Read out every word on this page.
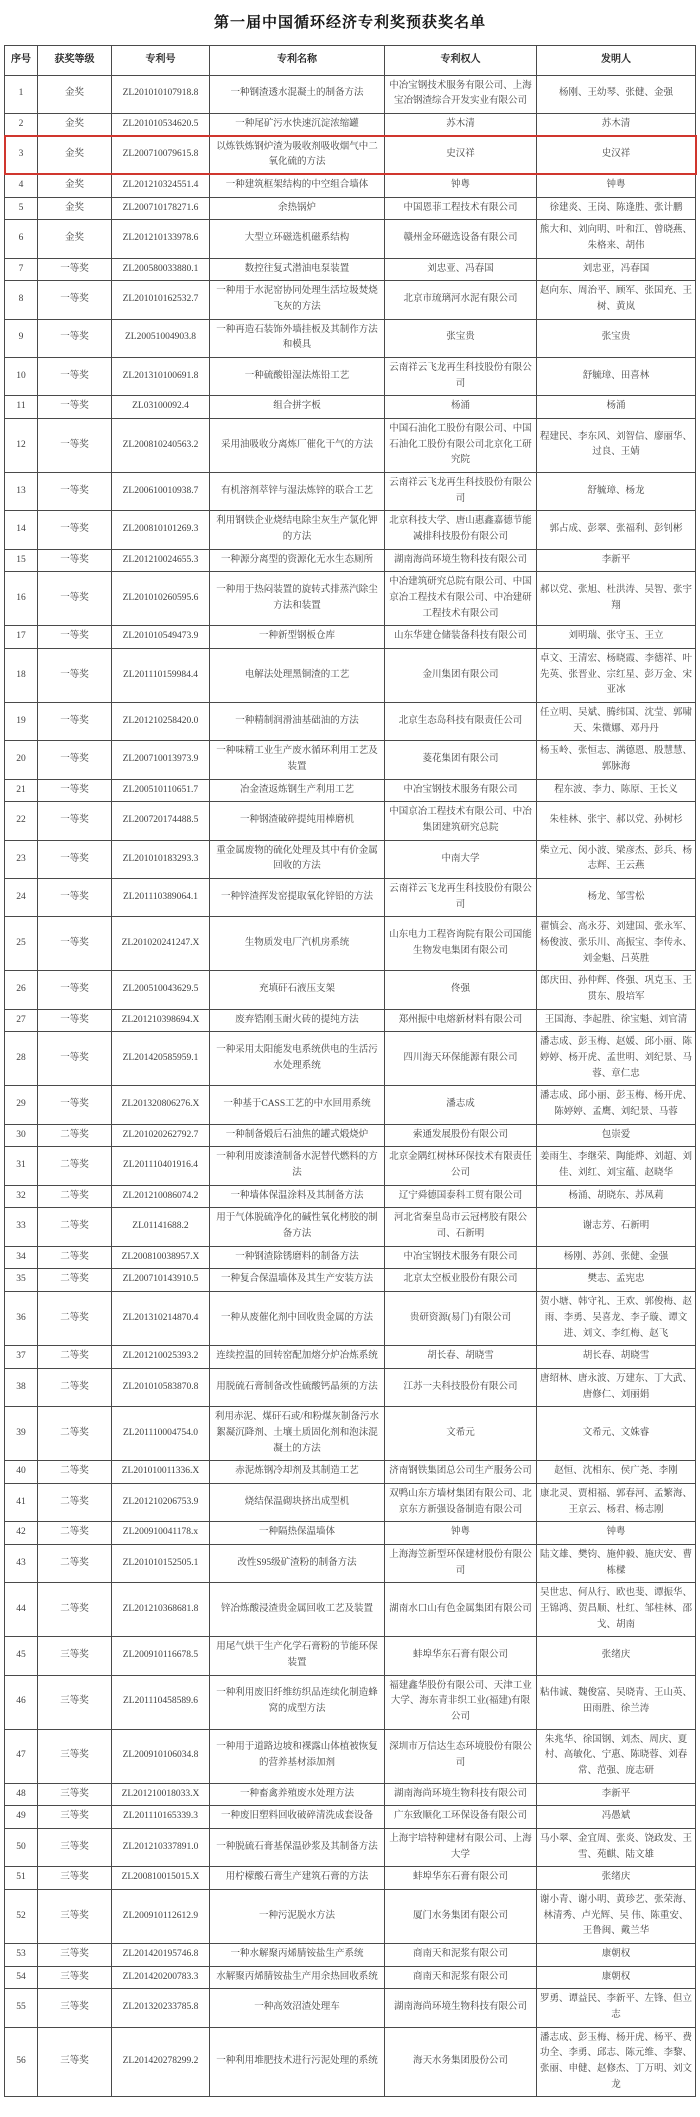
第一届中国循环经济专利奖预获奖名单
序号	获奖等级	专利号	专利名称	专利权人	发明人
1	金奖	ZL201010107918.8	一种钢渣透水混凝土的制备方法	中冶宝钢技术服务有限公司、上海宝冶钢渣综合开发实业有限公司	杨刚、王幼琴、张健、金强
2	金奖	ZL201010534620.5	一种尾矿污水快速沉淀浓缩罐	苏木清	苏木清
3	金奖	ZL200710079615.8	以炼铁炼钢炉渣为吸收剂吸收烟气中二氧化硫的方法	史汉祥	史汉祥
4	金奖	ZL201210324551.4	一种建筑框架结构的中空组合墙体	钟粤	钟粤
5	金奖	ZL200710178271.6	余热锅炉	中国恩菲工程技术有限公司	徐建炎、王岗、陈逢胜、张计鹏
6	金奖	ZL201210133978.6	大型立环磁选机磁系结构	赣州金环磁选设备有限公司	熊大和、刘向明、叶和江、曾晓燕、朱格来、胡伟
7	一等奖	ZL200580033880.1	数控往复式潜油电泵装置	刘忠亚、冯春国	刘忠亚，冯春国
8	一等奖	ZL201010162532.7	一种用于水泥窑协同处理生活垃圾焚烧飞灰的方法	北京市琉璃河水泥有限公司	赵向东、周治平、顾军、张国充、王树、黄岚
9	一等奖	ZL20051004903.8	一种再造石装饰外墙挂板及其制作方法和模具	张宝贵	张宝贵
10	一等奖	ZL201310100691.8	一种硫酸铅湿法炼铅工艺	云南祥云飞龙再生科技股份有限公司	舒毓璋、田喜林
11	一等奖	ZL03100092.4	组合拼字板	杨涌	杨涌
12	一等奖	ZL200810240563.2	采用油吸收分离炼厂催化干气的方法	中国石油化工股份有限公司、中国石油化工股份有限公司北京化工研究院	程建民、李东风、刘智信、廖丽华、过良、王婧
13	一等奖	ZL200610010938.7	有机溶剂萃锌与湿法炼锌的联合工艺	云南祥云飞龙再生科技股份有限公司	舒毓璋、杨龙
14	一等奖	ZL200810101269.3	利用钢铁企业烧结电除尘灰生产氯化钾的方法	北京科技大学、唐山惠鑫嘉德节能减排科技股份有限公司	郭占成、彭翠、张福利、彭钊彬
15	一等奖	ZL201210024655.3	一种源分离型的资源化无水生态厕所	湖南海尚环境生物科技有限公司	李新平
16	一等奖	ZL201010260595.6	一种用于热闷装置的旋转式排蒸汽除尘方法和装置	中冶建筑研究总院有限公司、中国京冶工程技术有限公司、中冶建研工程技术有限公司	郝以党、张旭、杜洪涛、吴智、张宇翔
17	一等奖	ZL201010549473.9	一种新型钢板仓库	山东华建仓储装备科技有限公司	刘明瑞、张守玉、王立
18	一等奖	ZL201110159984.4	电解法处理黑铜渣的工艺	金川集团有限公司	卓文、王清宏、杨晓霞、李德祥、叶先英、张晋业、宗红星、彭万金、宋亚冰
19	一等奖	ZL201210258420.0	一种精制润滑油基础油的方法	北京生态岛科技有限责任公司	任立明、吴斌、腾纬国、沈莹、郭啸天、朱微娜、邓丹丹
20	一等奖	ZL200710013973.9	一种味精工业生产废水循环利用工艺及装置	菱花集团有限公司	杨玉岭、张恒志、满德恩、殷慧慧、郭脉海
21	一等奖	ZL200510110651.7	冶金渣返炼钢生产利用工艺	中冶宝钢技术服务有限公司	程东波、李力、陈原、王长义
22	一等奖	ZL200720174488.5	一种钢渣破碎提纯用棒磨机	中国京冶工程技术有限公司、中冶集团建筑研究总院	朱桂林、张宇、郝以党、孙树杉
23	一等奖	ZL201010183293.3	重金属废物的硫化处理及其中有价金属回收的方法	中南大学	柴立元、闵小波、梁彦杰、彭兵、杨志辉、王云燕
24	一等奖	ZL201110389064.1	一种锌渣挥发窑提取氧化锌铅的方法	云南祥云飞龙再生科技股份有限公司	杨龙、邹雪松
25	一等奖	ZL201020241247.X	生物质发电厂汽机房系统	山东电力工程咨询院有限公司国能生物发电集团有限公司	翟慎会、高永芬、刘建国、张永军、杨俊波、张乐川、高振宝、李传永、刘金魁、吕英胜
26	一等奖	ZL200510043629.5	充填矸石液压支架	佟强	郎庆田、孙仲辉、佟强、巩克玉、王贯东、殷培军
27	一等奖	ZL201210398694.X	废弃锆刚玉耐火砖的提纯方法	郑州振中电熔新材料有限公司	王国海、李起胜、徐宝魁、刘官清
28	一等奖	ZL201420585959.1	一种采用太阳能发电系统供电的生活污水处理系统	四川海天环保能源有限公司	潘志成、彭玉梅、赵媛、邱小丽、陈婷婷、杨开虎、孟世明、刘纪景、马蓉、章仁忠
29	一等奖	ZL201320806276.X	一种基于CASS工艺的中水回用系统	潘志成	潘志成、邱小丽、彭玉梅、杨开虎、陈婷婷、孟鹰、刘纪景、马蓉
30	二等奖	ZL201020262792.7	一种制备煅后石油焦的罐式煅烧炉	索通发展股份有限公司	包崇爱
31	二等奖	ZL201110401916.4	一种利用废漆渣制备水泥替代燃料的方法	北京金隅红树林环保技术有限责任公司	姜雨生、李继荣、陶能烨、刘超、刘佳、刘红、刘宝蕴、赵晓华
32	二等奖	ZL201210086074.2	一种墙体保温涂料及其制备方法	辽宁舜德国泰科工贸有限公司	杨涌、胡晓东、苏凤莉
33	二等奖	ZL01141688.2	用于气体脱硫净化的碱性氧化栲胶的制备方法	河北省秦皇岛市云冠栲胶有限公司、石新明	谢志芳、石新明
34	二等奖	ZL200810038957.X	一种钢渣除锈磨料的制备方法	中冶宝钢技术服务有限公司	杨刚、苏剑、张健、金强
35	二等奖	ZL200710143910.5	一种复合保温墙体及其生产安装方法	北京太空板业股份有限公司	樊志、孟宪忠
36	二等奖	ZL201310214870.4	一种从废催化剂中回收贵金属的方法	贵研资源(易门)有限公司	贺小塘、韩守礼、王欢、郭俊梅、赵雨、李勇、吴喜龙、李子璇、谭文进、刘文、李红梅、赵飞
37	二等奖	ZL201210025393.2	连续控温的回转窑配加熔分炉冶炼系统	胡长春、胡晓雪	胡长春、胡晓雪
38	二等奖	ZL201010583870.8	用脱硫石膏制备改性硫酸钙晶须的方法	江苏一夫科技股份有限公司	唐绍林、唐永波、万建东、丁大武、唐修仁、刘丽娟
39	二等奖	ZL201110004754.0	利用赤泥、煤矸石或/和粉煤灰制备污水絮凝沉降剂、土壤土质固化剂和泡沫混凝土的方法	文希元	文希元、文姝睿
40	二等奖	ZL201010011336.X	赤泥炼钢冷却剂及其制造工艺	济南钢铁集团总公司生产服务公司	赵恒、沈相东、侯广尧、李刚
41	二等奖	ZL201210206753.9	烧结保温砌块挤出成型机	双鸭山东方墙材集团有限公司、北京东方新强设备制造有限公司	康北灵、贾相福、郭春河、孟繁海、王京云、杨君、杨志刚
42	二等奖	ZL200910041178.x	一种隔热保温墙体	钟粤	钟粤
43	二等奖	ZL201010152505.1	改性S95级矿渣粉的制备方法	上海海笠新型环保建材股份有限公司	陆文雄、樊钧、施仲毅、施庆安、曹栋樑
44	二等奖	ZL201210368681.8	锌冶炼酸浸渣贵金属回收工艺及装置	湖南水口山有色金属集团有限公司	吴世忠、何从行、欧也斐、谭振华、王锦鸿、贺昌顺、杜红、邹桂林、邵戈、胡南
45	三等奖	ZL200910116678.5	用尾气烘干生产化学石膏粉的节能环保装置	蚌埠华东石膏有限公司	张绪庆
46	三等奖	ZL201110458589.6	一种利用废旧纤维纺织品连续化制造蜂窝的成型方法	福建鑫华股份有限公司、天津工业大学、海东青非织工业(福建)有限公司	粘伟诚、魏俊富、吴晓青、王山英、田雨胜、徐兰涛
47	三等奖	ZL200910106034.8	一种用于道路边坡和裸露山体植被恢复的营养基材添加剂	深圳市万信达生态环境股份有限公司	朱兆华、徐国钢、刘杰、周庆、夏村、高敏化、宁惠、陈晓蓉、刘春常、范强、庞志研
48	三等奖	ZL201210018033.X	一种畜禽养殖废水处理方法	湖南海尚环境生物科技有限公司	李新平
49	三等奖	ZL201110165339.3	一种废旧塑料回收破碎清洗成套设备	广东致顺化工环保设备有限公司	冯愚斌
50	三等奖	ZL201210337891.0	一种脱硫石膏基保温砂浆及其制备方法	上海宇培特种建材有限公司、上海大学	马小翠、金宜周、张炎、饶政发、王雪、苑麒、陆文雄
51	三等奖	ZL200810015015.X	用柠檬酸石膏生产建筑石膏的方法	蚌埠华东石膏有限公司	张绪庆
52	三等奖	ZL200910112612.9	一种污泥脱水方法	厦门水务集团有限公司	谢小青、谢小明、黄珍艺、张荣海、林清秀、卢光辉、吴 伟、陈重安、王鲁闽、戴兰华
53	三等奖	ZL201420195746.8	一种水解聚丙烯腈铵盐生产系统	商南天和泥浆有限公司	康朝权
54	三等奖	ZL201420200783.3	水解聚丙烯腈铵盐生产用余热回收系统	商南天和泥浆有限公司	康朝权
55	三等奖	ZL201320233785.8	一种高效沼渣处理车	湖南海尚环境生物科技有限公司	罗勇、谭益民、李新平、左锋、但立志
56	三等奖	ZL201420278299.2	一种利用堆肥技术进行污泥处理的系统	海天水务集团股份公司	潘志成、彭玉梅、杨开虎、杨平、费功全、李勇、邱志、陈元维、李黎、张丽、申健、赵修杰、丁万明、刘文龙
